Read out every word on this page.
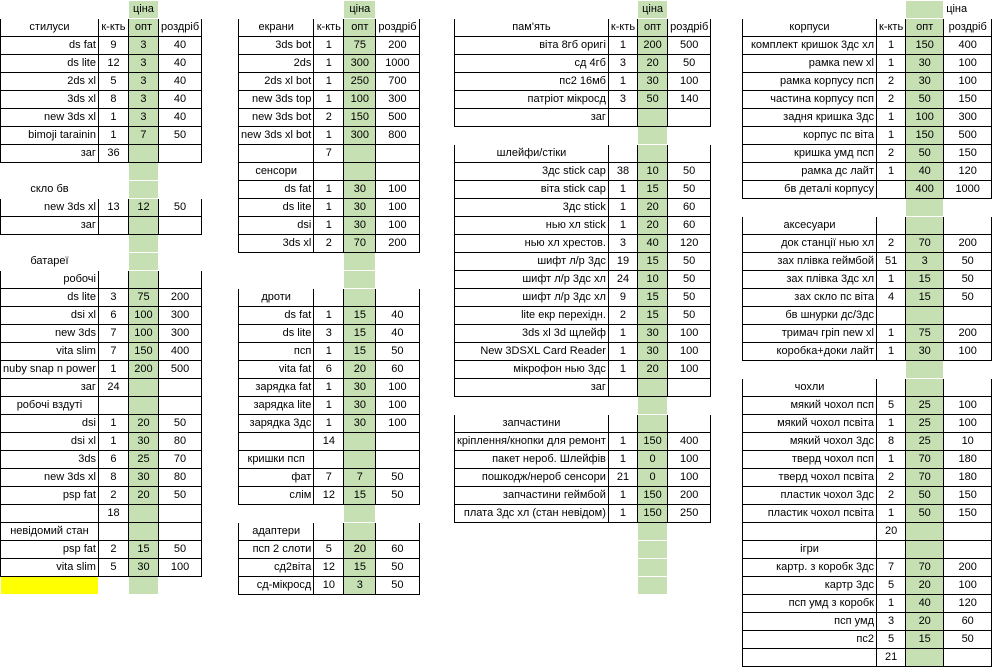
		ціна	
стилуси	к-кть	опт	роздріб
ds fat	9	3	40
ds lite	12	3	40
2ds xl	5	3	40
3ds xl	8	3	40
new 3ds xl	1	3	40
bimoji tarainin	1	7	50
заг	36		

скло бв			
new 3ds xl	13	12	50
заг			

батареї			
робочі			
ds lite	3	75	200
dsi xl	6	100	300
new 3ds	7	100	300
vita slim	7	150	400
nuby snap n power	1	200	500
заг	24		
робочі вздуті			
dsi	1	20	50
dsi xl	1	30	80
3ds	6	25	70
new 3ds xl	8	30	80
psp fat	2	20	50
	18		
невідомий стан			
psp fat	2	15	50
vita slim	5	30	100

		ціна	
екрани	к-кть	опт	роздріб
3ds bot	1	75	200
2ds	1	300	1000
2ds xl bot	1	250	700
new 3ds top	1	100	300
new 3ds bot	2	150	500
new 3ds xl bot	1	300	800
	7		
сенсори			
ds fat	1	30	100
ds lite	1	30	100
dsi	1	30	100
3ds xl	2	70	200

дроти			
ds fat	1	15	40
ds lite	3	15	40
псп	1	15	50
vita fat	6	20	60
зарядка fat	1	30	100
зарядка lite	1	30	100
зарядка 3дс	1	30	100
	14		
кришки псп			
фат	7	7	50
слім	12	15	50

адаптери			
псп 2 слоти	5	20	60
сд2віта	12	15	50
сд-мікросд	10	3	50
		ціна	
пам'ять	к-кть	опт	роздріб
віта 8гб оригі	1	200	500
сд 4гб	3	20	50
пс2 16мб	1	30	100
патріот мікросд	3	50	140
заг			

шлейфи/стіки			
3дс stick cap	38	10	50
віта stick cap	1	15	50
3дс stick	1	20	60
нью хл stick	1	20	60
нью хл хрестов.	3	40	120
шифт л/р 3дс	19	15	50
шифт л/р 3дс хл	24	10	50
шифт л/р 3дс хл	9	15	50
lite екр перехідн.	2	15	50
3ds xl 3d щлейф	1	30	100
New 3DSXL Card Reader	1	30	100
мікрофон нью 3дс	1	20	100
заг			

запчастини			
кріплення/кнопки для ремонт	1	150	400
пакет нероб. Шлейфів	1	0	100
пошкодж/нероб сенсори	21	0	100
запчастини геймбой	1	150	200
плата 3дс хл (стан невідом)	1	150	250

			ціна
корпуси	к-кть	опт	роздріб
комплект кришок 3дс хл	1	150	400
рамка new xl	1	30	100
рамка корпусу псп	2	30	100
частина корпусу псп	2	50	150
задня кришка 3дс	1	100	300
корпус пс віта	1	150	500
кришка умд псп	2	50	150
рамка дс лайт	1	40	120
бв деталі корпусу		400	1000

аксесуари			
док станції нью хл	2	70	200
зах плівка геймбой	51	3	50
зах плівка 3дс хл	1	15	50
зах скло пс віта	4	15	50
бв шнурки дс/3дс			
тримач гріп new xl	1	75	200
коробка+доки лайт	1	30	100

чохли			
мякий чохол псп	5	25	100
мякий чохол псвіта	1	25	100
мякий чохол 3дс	8	25	10
тверд чохол псп	1	70	180
тверд чохол псвіта	2	70	180
пластик чохол 3дс	2	50	150
пластик чохол псвіта	1	50	150
	20		
ігри			
картр. з коробк 3дс	7	70	200
картр 3дс	5	20	100
псп умд з коробк	1	40	120
псп умд	3	20	60
пс2	5	15	50
	21		
